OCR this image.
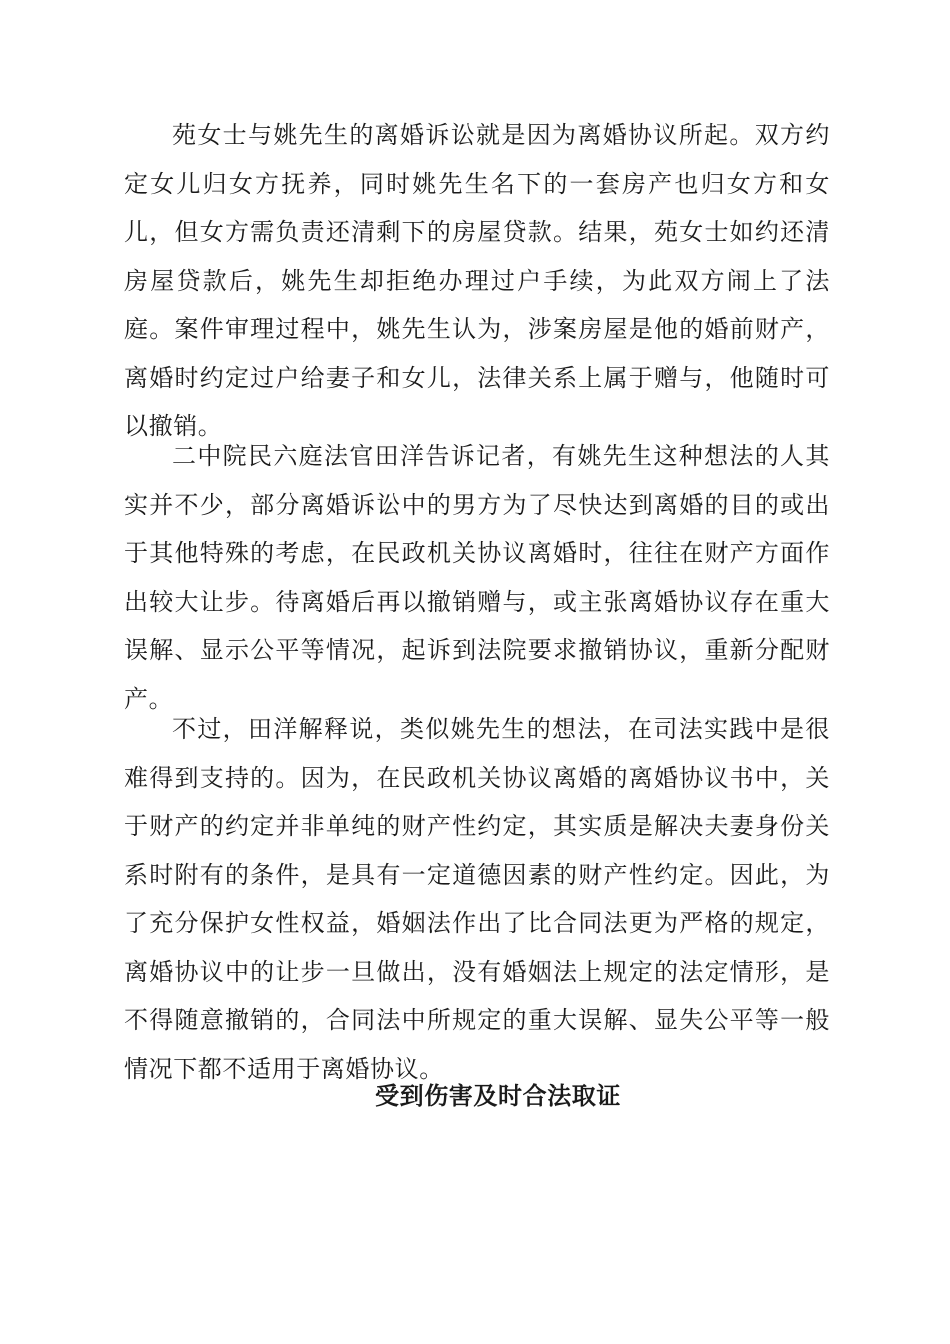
苑女士与姚先生的离婚诉讼就是因为离婚协议所起。双方约定女儿归女方抚养，同时姚先生名下的一套房产也归女方和女儿，但女方需负责还清剩下的房屋贷款。结果，苑女士如约还清房屋贷款后，姚先生却拒绝办理过户手续，为此双方闹上了法庭。案件审理过程中，姚先生认为，涉案房屋是他的婚前财产，离婚时约定过户给妻子和女儿，法律关系上属于赠与，他随时可以撤销。

二中院民六庭法官田洋告诉记者，有姚先生这种想法的人其实并不少，部分离婚诉讼中的男方为了尽快达到离婚的目的或出于其他特殊的考虑，在民政机关协议离婚时，往往在财产方面作出较大让步。待离婚后再以撤销赠与，或主张离婚协议存在重大误解、显示公平等情况，起诉到法院要求撤销协议，重新分配财产。

不过，田洋解释说，类似姚先生的想法，在司法实践中是很难得到支持的。因为，在民政机关协议离婚的离婚协议书中，关于财产的约定并非单纯的财产性约定，其实质是解决夫妻身份关系时附有的条件，是具有一定道德因素的财产性约定。因此，为了充分保护女性权益，婚姻法作出了比合同法更为严格的规定，离婚协议中的让步一旦做出，没有婚姻法上规定的法定情形，是不得随意撤销的，合同法中所规定的重大误解、显失公平等一般情况下都不适用于离婚协议。

受到伤害及时合法取证
